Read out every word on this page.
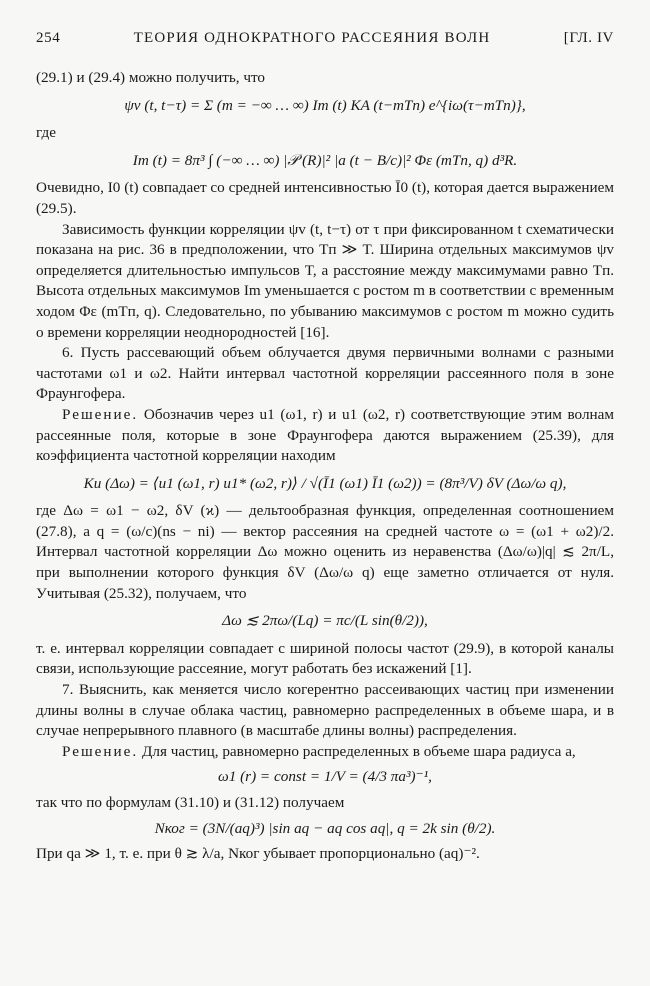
254	ТЕОРИЯ ОДНОКРАТНОГО РАССЕЯНИЯ ВОЛН	[ГЛ. IV

(29.1) и (29.4) можно получить, что

ψv (t, t−τ) = Σ (m = −∞ … ∞) Im (t) KA (t−mTп) e^{iω(τ−mTп)},

где

Im (t) = 8π³ ∫ (−∞ … ∞) |𝒫 (R)|² |a (t − B/c)|² Φε (mTп, q) d³R.

Очевидно, I0 (t) совпадает со средней интенсивностью Ī0 (t), которая дается выражением (29.5).

Зависимость функции корреляции ψv (t, t−τ) от τ при фиксированном t схематически показана на рис. 36 в предположении, что Tп ≫ T. Ширина отдельных максимумов ψv определяется длительностью импульсов T, а расстояние между максимумами равно Tп. Высота отдельных максимумов Im уменьшается с ростом m в соответствии с временным ходом Φε (mTп, q). Следовательно, по убыванию максимумов с ростом m можно судить о времени корреляции неоднородностей [16].

6. Пусть рассевающий объем облучается двумя первичными волнами с разными частотами ω1 и ω2. Найти интервал частотной корреляции рассеянного поля в зоне Фраунгофера.

Решение. Обозначив через u1 (ω1, r) и u1 (ω2, r) соответствующие этим волнам рассеянные поля, которые в зоне Фраунгофера даются выражением (25.39), для коэффициента частотной корреляции находим

Ku (Δω) = ⟨u1 (ω1, r) u1* (ω2, r)⟩ / √(Ī1 (ω1) Ī1 (ω2)) = (8π³/V) δV (Δω/ω q),

где Δω = ω1 − ω2, δV (ϰ) — дельтообразная функция, определенная соотношением (27.8), а q = (ω/c)(ns − ni) — вектор рассеяния на средней частоте ω = (ω1 + ω2)/2. Интервал частотной корреляции Δω можно оценить из неравенства (Δω/ω)|q| ≲ 2π/L, при выполнении которого функция δV (Δω/ω q) еще заметно отличается от нуля. Учитывая (25.32), получаем, что

Δω ≲ 2πω/(Lq) = πc/(L sin(θ/2)),

т. е. интервал корреляции совпадает с шириной полосы частот (29.9), в которой каналы связи, использующие рассеяние, могут работать без искажений [1].

7. Выяснить, как меняется число когерентно рассеивающих частиц при изменении длины волны в случае облака частиц, равномерно распределенных в объеме шара, и в случае непрерывного плавного (в масштабе длины волны) распределения.

Решение. Для частиц, равномерно распределенных в объеме шара радиуса a,

ω1 (r) = const = 1/V = (4/3 πa³)⁻¹,

так что по формулам (31.10) и (31.12) получаем

Nког = (3N/(aq)³) |sin aq − aq cos aq|, q = 2k sin (θ/2).

При qa ≫ 1, т. е. при θ ≳ λ/a, Nког убывает пропорционально (aq)⁻².
